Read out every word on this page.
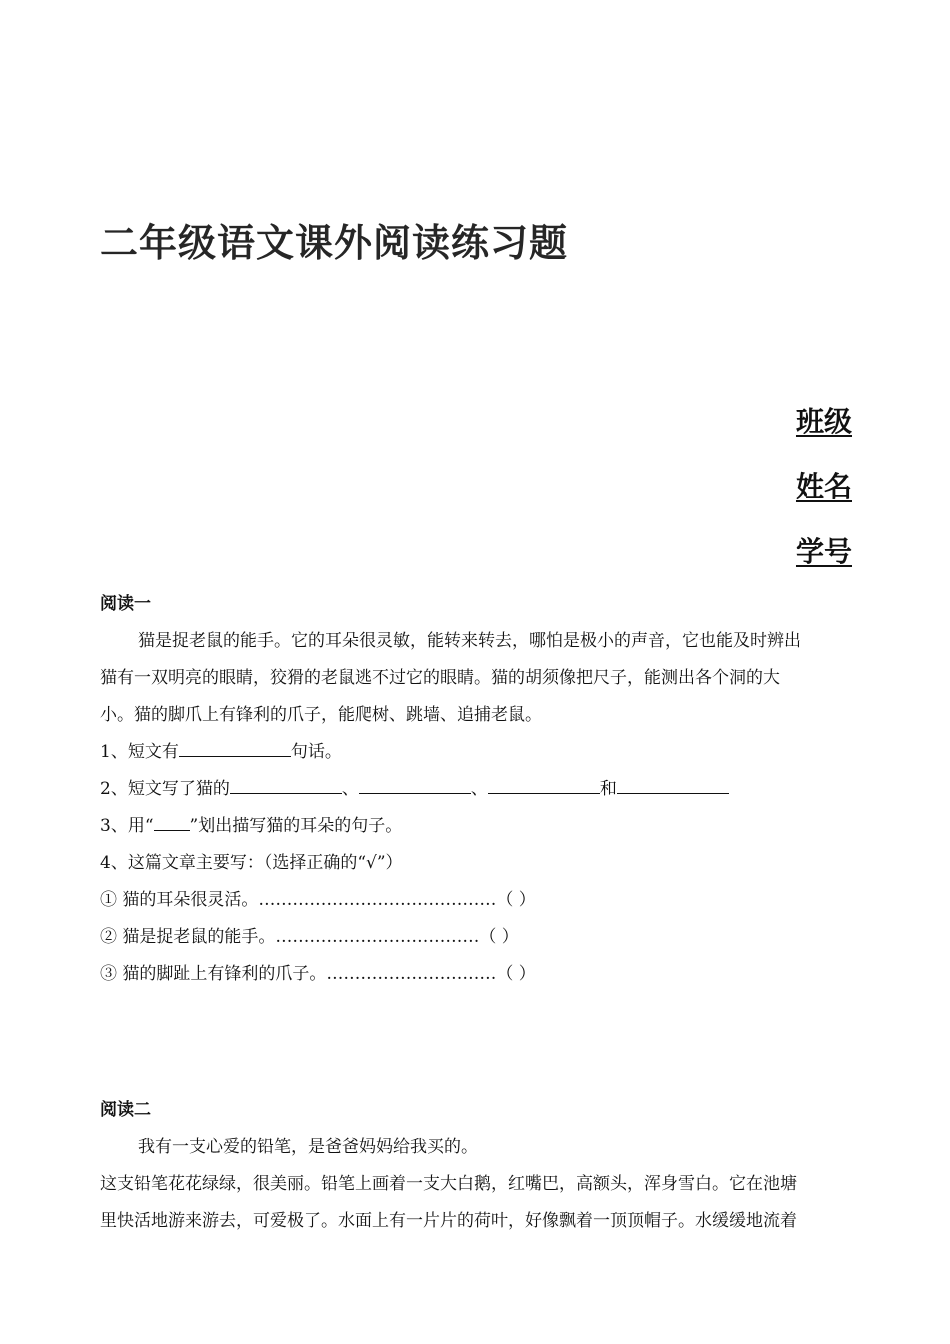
二年级语文课外阅读练习题
班级
姓名
学号

阅读一

猫是捉老鼠的能手。它的耳朵很灵敏，能转来转去，哪怕是极小的声音，它也能及时辨出

猫有一双明亮的眼睛，狡猾的老鼠逃不过它的眼睛。猫的胡须像把尺子，能测出各个洞的大

小。猫的脚爪上有锋利的爪子，能爬树、跳墙、追捕老鼠。

1、短文有	句话。

2、短文写了猫的	、	、	和

3、用“ ”划出描写猫的耳朵的句子。

4、这篇文章主要写：（选择正确的“√”）

① 猫的耳朵很灵活。……………………………………（ ）

② 猫是捉老鼠的能手。………………………………（ ）

③ 猫的脚趾上有锋利的爪子。…………………………（ ）

阅读二

我有一支心爱的铅笔，是爸爸妈妈给我买的。

这支铅笔花花绿绿，很美丽。铅笔上画着一支大白鹅，红嘴巴，高额头，浑身雪白。它在池塘

里快活地游来游去，可爱极了。水面上有一片片的荷叶，好像飘着一顶顶帽子。水缓缓地流着
